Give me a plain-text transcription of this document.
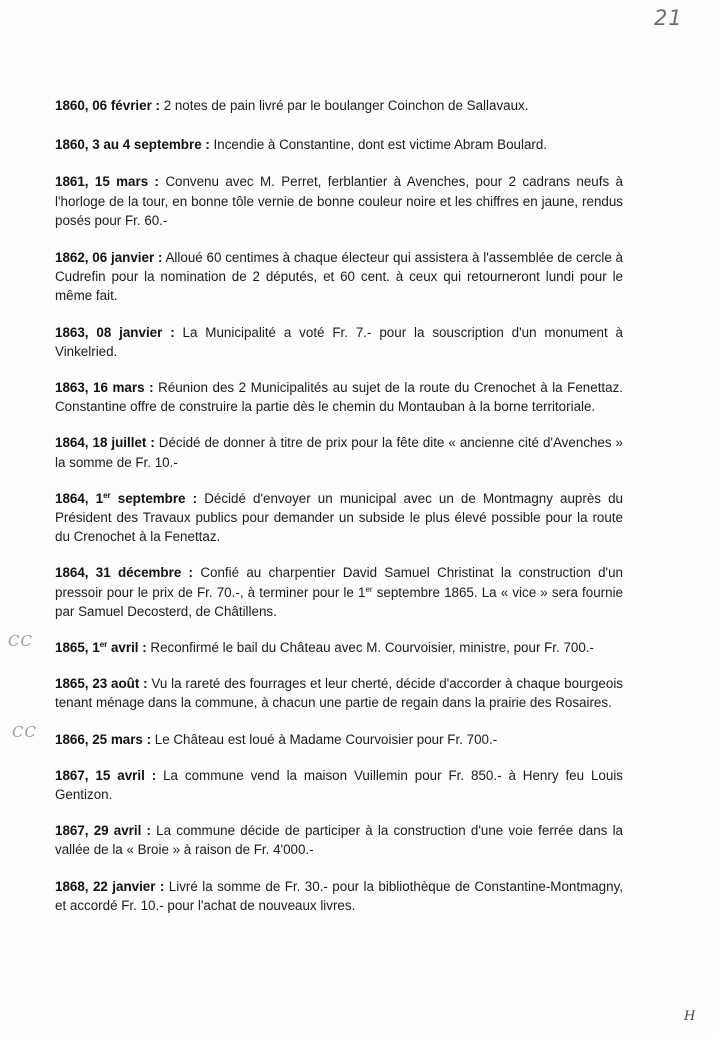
21
CC
CC
1860, 06 février : 2 notes de pain livré par le boulanger Coinchon de Sallavaux.
1860, 3 au 4 septembre : Incendie à Constantine, dont est victime Abram Boulard.
1861, 15 mars : Convenu avec M. Perret, ferblantier à Avenches, pour 2 cadrans neufs à l'horloge de la tour, en bonne tôle vernie de bonne couleur noire et les chiffres en jaune, rendus posés pour Fr. 60.-
1862, 06 janvier : Alloué 60 centimes à chaque électeur qui assistera à l'assemblée de cercle à Cudrefin pour la nomination de 2 députés, et 60 cent. à ceux qui retourneront lundi pour le même fait.
1863, 08 janvier : La Municipalité a voté Fr. 7.- pour la souscription d'un monument à Vinkelried.
1863, 16 mars : Réunion des 2 Municipalités au sujet de la route du Crenochet à la Fenettaz. Constantine offre de construire la partie dès le chemin du Montauban à la borne territoriale.
1864, 18 juillet : Décidé de donner à titre de prix pour la fête dite « ancienne cité d'Avenches » la somme de Fr. 10.-
1864, 1er septembre : Décidé d'envoyer un municipal avec un de Montmagny auprès du Président des Travaux publics pour demander un subside le plus élevé possible pour la route du Crenochet à la Fenettaz.
1864, 31 décembre : Confié au charpentier David Samuel Christinat la construction d'un pressoir pour le prix de Fr. 70.-, à terminer pour le 1er septembre 1865. La « vice » sera fournie par Samuel Decosterd, de Châtillens.
1865, 1er avril : Reconfirmé le bail du Château avec M. Courvoisier, ministre, pour Fr. 700.-
1865, 23 août : Vu la rareté des fourrages et leur cherté, décide d'accorder à chaque bourgeois tenant ménage dans la commune, à chacun une partie de regain dans la prairie des Rosaires.
1866, 25 mars : Le Château est loué à Madame Courvoisier pour Fr. 700.-
1867, 15 avril : La commune vend la maison Vuillemin pour Fr. 850.- à Henry feu Louis Gentizon.
1867, 29 avril : La commune décide de participer à la construction d'une voie ferrée dans la vallée de la « Broie » à raison de Fr. 4'000.-
1868, 22 janvier : Livré la somme de Fr. 30.- pour la bibliothèque de Constantine-Montmagny, et accordé Fr. 10.- pour l'achat de nouveaux livres.
H
